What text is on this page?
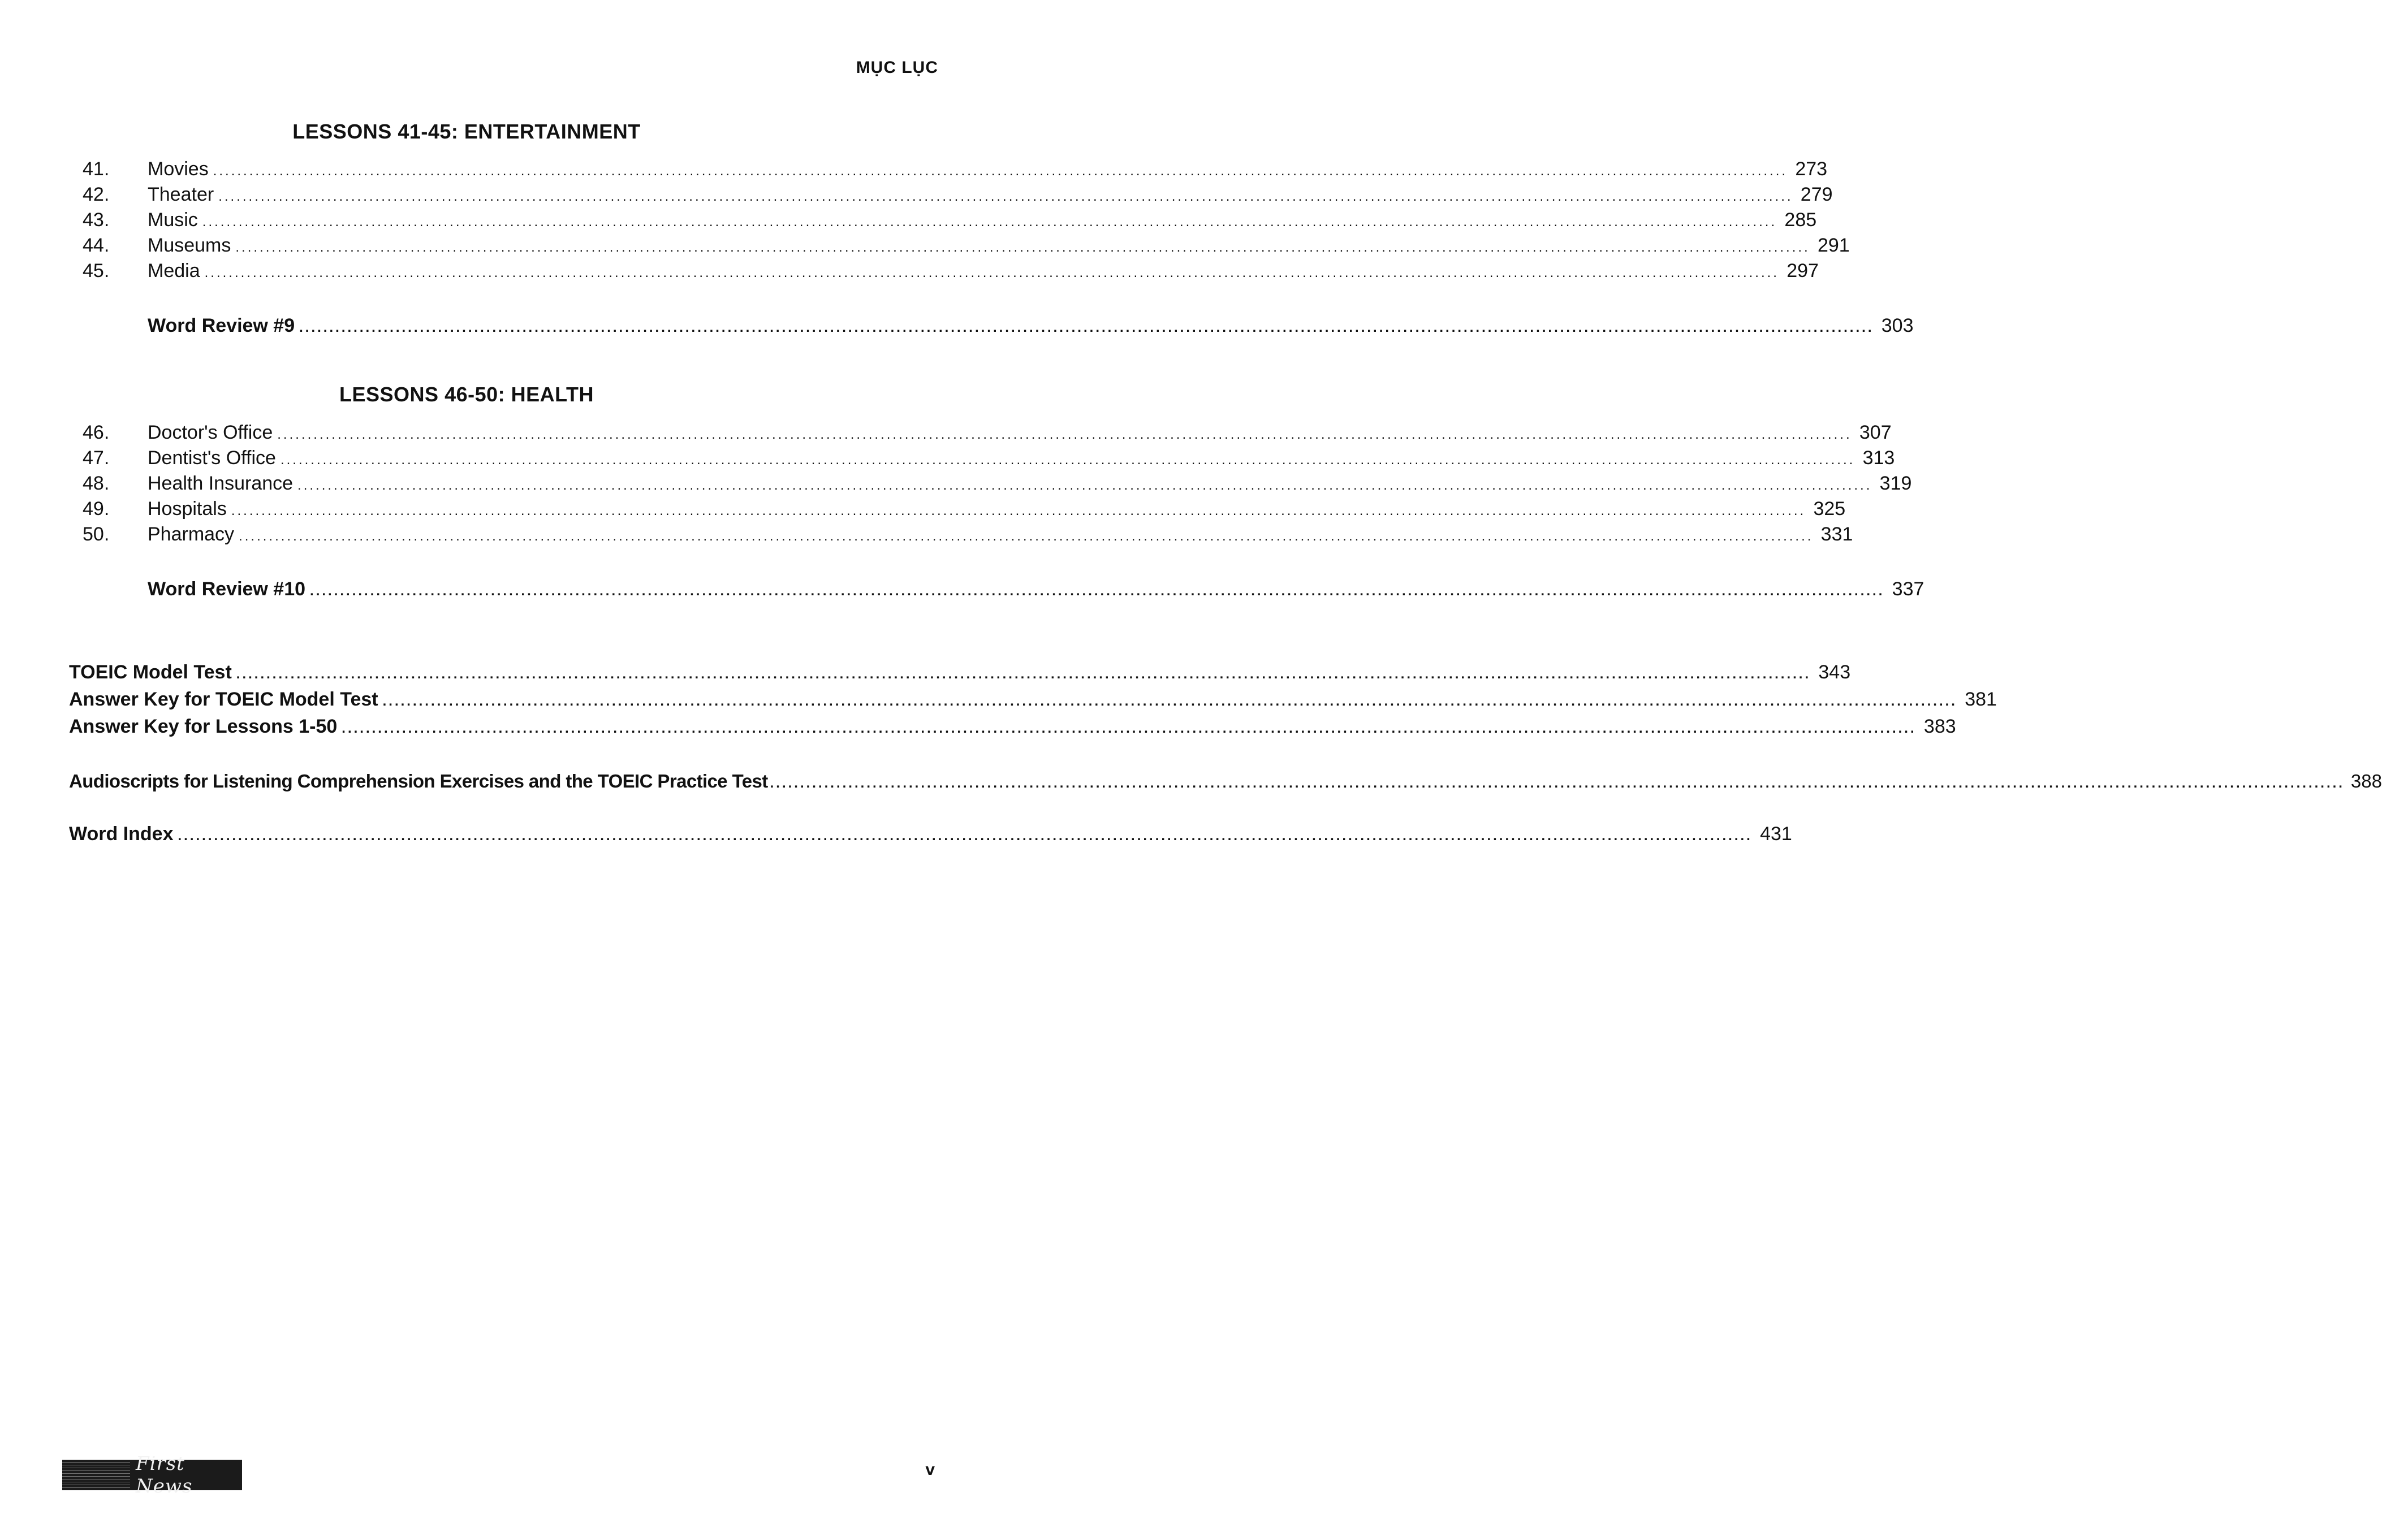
MỤC LỤC
LESSONS 41-45: ENTERTAINMENT
41.	Movies ..................................................................................................................................................................................................................................................................... 273
42.	Theater ..................................................................................................................................................................................................................................................................... 279
43.	Music ..................................................................................................................................................................................................................................................................... 285
44.	Museums ..................................................................................................................................................................................................................................................................... 291
45.	Media ..................................................................................................................................................................................................................................................................... 297
Word Review #9 ..................................................................................................................................................................................................................................................................... 303
LESSONS 46-50: HEALTH
46.	Doctor's Office ..................................................................................................................................................................................................................................................................... 307
47.	Dentist's Office ..................................................................................................................................................................................................................................................................... 313
48.	Health Insurance ..................................................................................................................................................................................................................................................................... 319
49.	Hospitals ..................................................................................................................................................................................................................................................................... 325
50.	Pharmacy ..................................................................................................................................................................................................................................................................... 331
Word Review #10 ..................................................................................................................................................................................................................................................................... 337
TOEIC Model Test ..................................................................................................................................................................................................................................................................... 343
Answer Key for TOEIC Model Test ..................................................................................................................................................................................................................................................................... 381
Answer Key for Lessons 1-50 ..................................................................................................................................................................................................................................................................... 383
Audioscripts for Listening Comprehension Exercises and the TOEIC Practice Test ..................................................................................................................................................................................................................................................................... 388
Word Index ..................................................................................................................................................................................................................................................................... 431
First News
v
